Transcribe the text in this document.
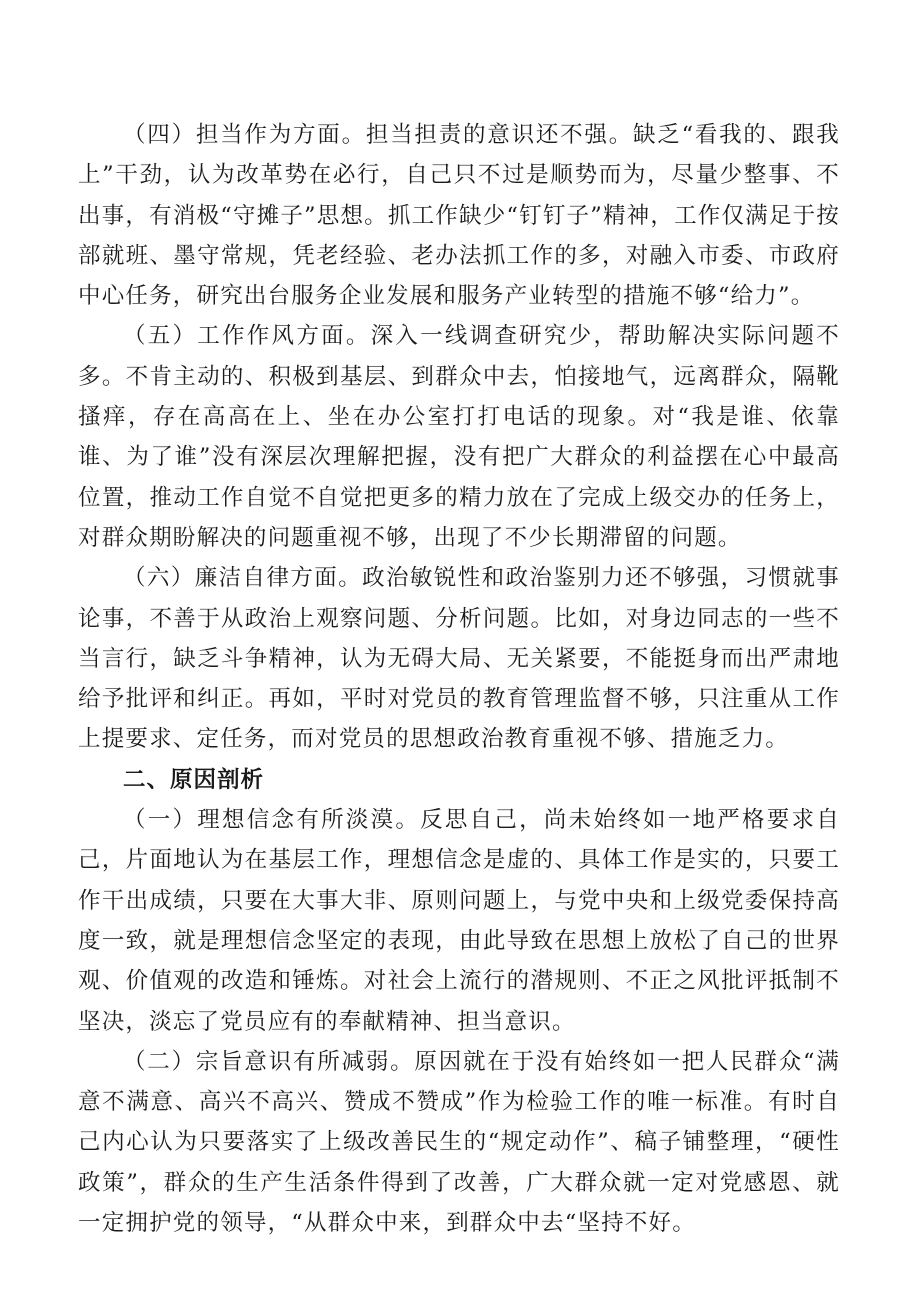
（四）担当作为方面。担当担责的意识还不强。缺乏“看我的、跟我上”干劲，认为改革势在必行，自己只不过是顺势而为，尽量少整事、不出事，有消极“守摊子”思想。抓工作缺少“钉钉子”精神，工作仅满足于按部就班、墨守常规，凭老经验、老办法抓工作的多，对融入市委、市政府中心任务，研究出台服务企业发展和服务产业转型的措施不够“给力”。

（五）工作作风方面。深入一线调查研究少，帮助解决实际问题不多。不肯主动的、积极到基层、到群众中去，怕接地气，远离群众，隔靴搔痒，存在高高在上、坐在办公室打打电话的现象。对“我是谁、依靠谁、为了谁”没有深层次理解把握，没有把广大群众的利益摆在心中最高位置，推动工作自觉不自觉把更多的精力放在了完成上级交办的任务上，对群众期盼解决的问题重视不够，出现了不少长期滞留的问题。

（六）廉洁自律方面。政治敏锐性和政治鉴别力还不够强，习惯就事论事，不善于从政治上观察问题、分析问题。比如，对身边同志的一些不当言行，缺乏斗争精神，认为无碍大局、无关紧要，不能挺身而出严肃地给予批评和纠正。再如，平时对党员的教育管理监督不够，只注重从工作上提要求、定任务，而对党员的思想政治教育重视不够、措施乏力。

二、原因剖析

（一）理想信念有所淡漠。反思自己，尚未始终如一地严格要求自己，片面地认为在基层工作，理想信念是虚的、具体工作是实的，只要工作干出成绩，只要在大事大非、原则问题上，与党中央和上级党委保持高度一致，就是理想信念坚定的表现，由此导致在思想上放松了自己的世界观、价值观的改造和锤炼。对社会上流行的潜规则、不正之风批评抵制不坚决，淡忘了党员应有的奉献精神、担当意识。

（二）宗旨意识有所减弱。原因就在于没有始终如一把人民群众“满意不满意、高兴不高兴、赞成不赞成”作为检验工作的唯一标准。有时自己内心认为只要落实了上级改善民生的“规定动作”、稿子铺整理，“硬性政策”，群众的生产生活条件得到了改善，广大群众就一定对党感恩、就一定拥护党的领导，“从群众中来，到群众中去“坚持不好。
